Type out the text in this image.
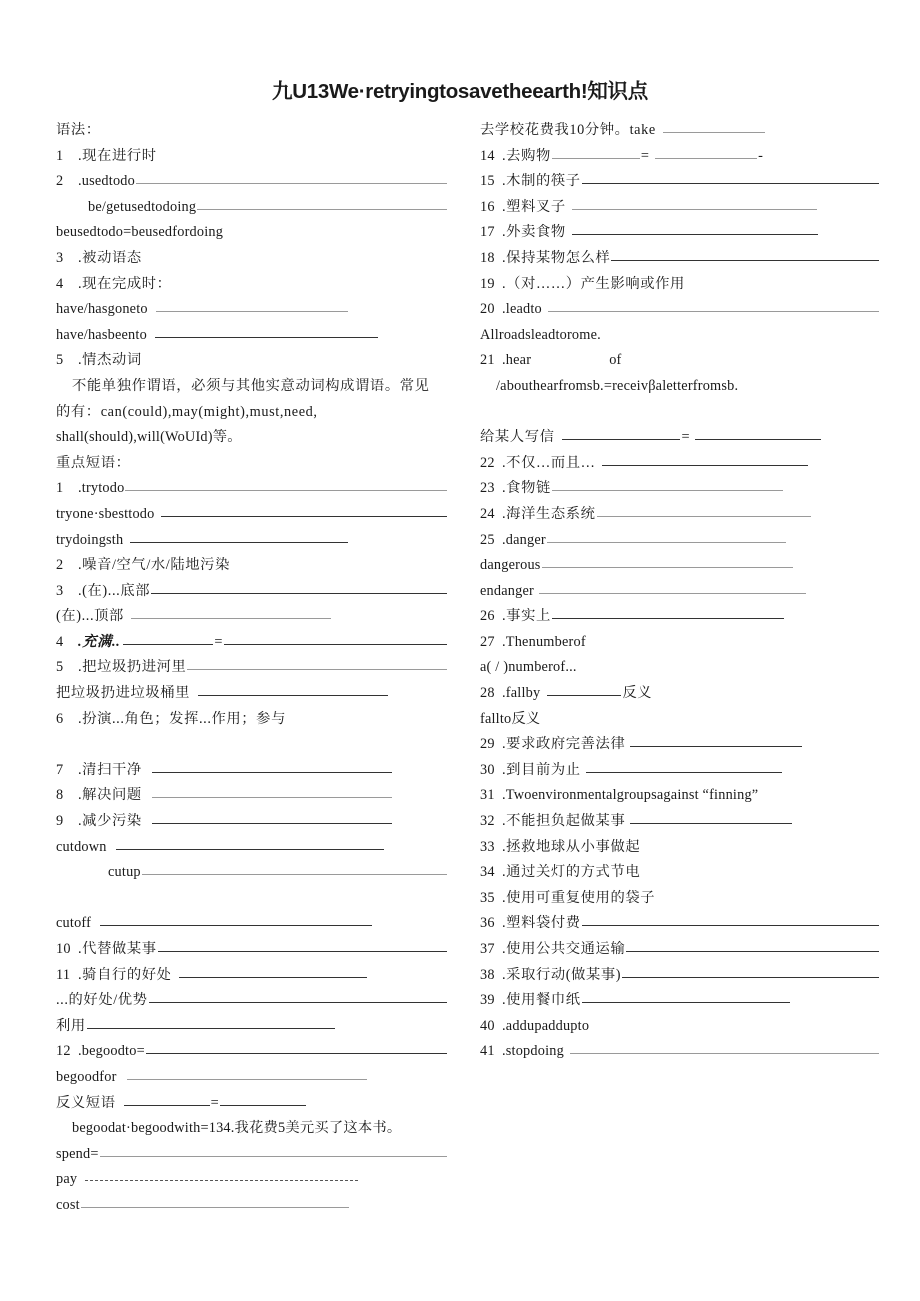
九U13We·retryingtosavetheearth!知识点
语法：
1	.现在进行时
2	.usedtodo
be/getusedtodoing
beusedtodo=beusedfordoing
3	.被动语态
4	.现在完成时：
have/hasgoneto
have/hasbeento
5	.情杰动词
不能单独作谓语，必须与其他实意动词构成谓语。常见
的有：can(could),may(might),must,need,
shall(should),will(WoUId)等。
重点短语：
1	.trytodo
tryone·sbesttodo
trydoingsth
2	.噪音/空气/水/陆地污染
3	.(在)...底部
(在)...顶部
4	.充满..	=
5	.把垃圾扔进河里
把垃圾扔进垃圾桶里
6	.扮演...角色；发挥...作用；参与
7	.清扫干净
8	.解决问题
9	.减少污染
cutdown
cutup
cutoff
10 .代替做某事
11 .骑自行的好处
...的好处/优势
利用
12 .begoodto=
begoodfor
反义短语	=
begoodat·begoodwith=134.我花费5美元买了这本书。
spend=
pay
cost
去学校花费我10分钟。take
14 .去购物	=	-
15 .木制的筷子
16 .塑料叉子
17 .外卖食物
18 .保持某物怎么样
19 .（对……）产生影响或作用
20 .leadto
Allroadsleadtorome.
21 .hear	of
/abouthearfromsb.=receivβaletterfromsb.
给某人写信	=
22 .不仅…而且…
23 .食物链
24 .海洋生态系统
25 .danger
dangerous
endanger
26 .事实上
27 .Thenumberof
a( / )numberof...
28 .fallby	反义
fallto反义
29 .要求政府完善法律
30 .到目前为止
31 .Twoenvironmentalgroupsagainst “finning”
32 .不能担负起做某事
33 .拯救地球从小事做起
34 .通过关灯的方式节电
35 .使用可重复使用的袋子
36 .塑料袋付费
37 .使用公共交通运输
38 .采取行动(做某事)
39 .使用餐巾纸
40 .addupaddupto
41 .stopdoing
